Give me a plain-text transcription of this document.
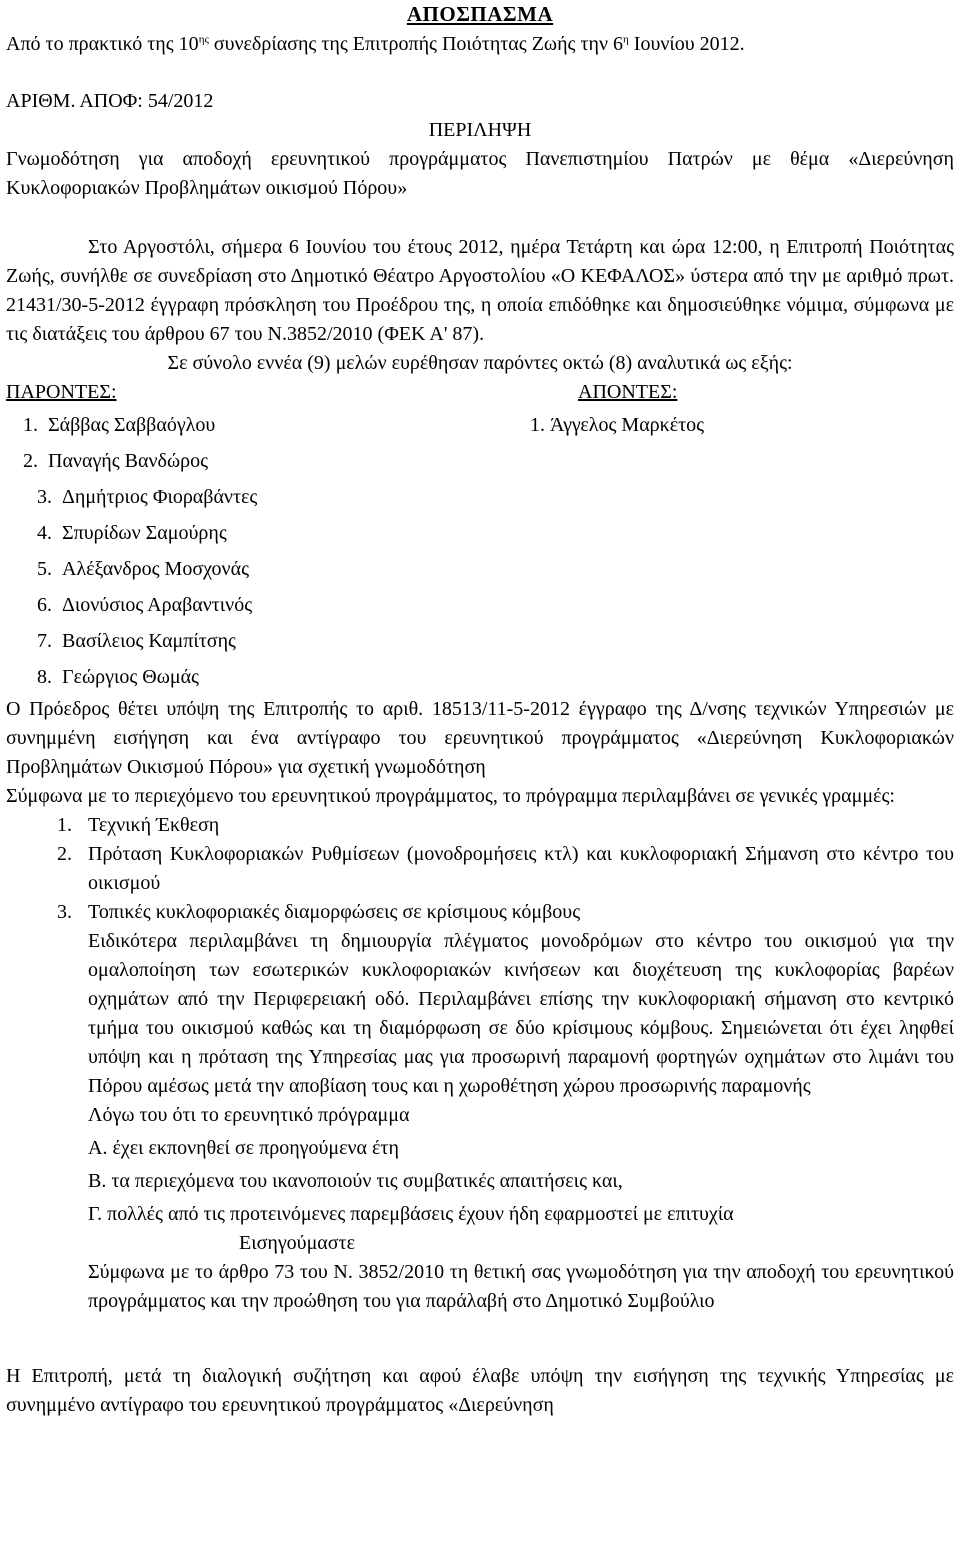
ΑΠΟΣΠΑΣΜΑ

Από το πρακτικό της $10^{\eta\varsigma}$ συνεδρίασης της Επιτροπής Ποιότητας Ζωής την $6^\eta$ Ιουνίου 2012.

ΑΡΙΘΜ. ΑΠΟΦ: 54/2012

ΠΕΡΙΛΗΨΗ

Γνωμοδότηση για αποδοχή ερευνητικού προγράμματος Πανεπιστημίου Πατρών με θέμα «Διερεύνηση Κυκλοφοριακών Προβλημάτων οικισμού Πόρου»

Στο Αργοστόλι, σήμερα 6 Ιουνίου του έτους 2012, ημέρα Τετάρτη και ώρα 12:00, η Επιτροπή Ποιότητας Ζωής, συνήλθε σε συνεδρίαση στο Δημοτικό Θέατρο Αργοστολίου «Ο ΚΕΦΑΛΟΣ» ύστερα από την με αριθμό πρωτ. 21431/30-5-2012 έγγραφη πρόσκληση του Προέδρου της, η οποία επιδόθηκε και δημοσιεύθηκε νόμιμα, σύμφωνα με τις διατάξεις του άρθρου 67 του Ν.3852/2010 (ΦΕΚ Α' 87).

Σε σύνολο εννέα (9) μελών ευρέθησαν παρόντες οκτώ (8) αναλυτικά ως εξής:

ΠΑΡΟΝΤΕΣ:	ΑΠΟΝΤΕΣ:
1. Σάββας Σαββαόγλου
2. Παναγής Βανδώρος
3. Δημήτριος Φιοραβάντες
4. Σπυρίδων Σαμούρης
5. Αλέξανδρος Μοσχονάς
6. Διονύσιος Αραβαντινός
7. Βασίλειος Καμπίτσης
8. Γεώργιος Θωμάς
1.
Άγγελος Μαρκέτος

Ο Πρόεδρος θέτει υπόψη της Επιτροπής το αριθ. 18513/11-5-2012 έγγραφο της Δ/νσης τεχνικών Υπηρεσιών με συνημμένη εισήγηση και ένα αντίγραφο του ερευνητικού προγράμματος «Διερεύνηση Κυκλοφοριακών Προβλημάτων Οικισμού Πόρου» για σχετική γνωμοδότηση

Σύμφωνα με το περιεχόμενο του ερευνητικού προγράμματος, το πρόγραμμα περιλαμβάνει σε γενικές γραμμές:

1. Τεχνική Έκθεση
2. Πρόταση Κυκλοφοριακών Ρυθμίσεων (μονοδρομήσεις κτλ) και κυκλοφοριακή Σήμανση στο κέντρο του οικισμού
3. Τοπικές κυκλοφοριακές διαμορφώσεις σε κρίσιμους κόμβους

Ειδικότερα περιλαμβάνει τη δημιουργία πλέγματος μονοδρόμων στο κέντρο του οικισμού για την ομαλοποίηση των εσωτερικών κυκλοφοριακών κινήσεων και διοχέτευση της κυκλοφορίας βαρέων οχημάτων από την Περιφερειακή οδό. Περιλαμβάνει επίσης την κυκλοφοριακή σήμανση στο κεντρικό τμήμα του οικισμού καθώς και τη διαμόρφωση σε δύο κρίσιμους κόμβους. Σημειώνεται ότι έχει ληφθεί υπόψη και η πρόταση της Υπηρεσίας μας για προσωρινή παραμονή φορτηγών οχημάτων στο λιμάνι του Πόρου αμέσως μετά την αποβίαση τους και η χωροθέτηση χώρου προσωρινής παραμονής

Λόγω του ότι το ερευνητικό πρόγραμμα

Α. έχει εκπονηθεί σε προηγούμενα έτη

Β. τα περιεχόμενα του ικανοποιούν τις συμβατικές απαιτήσεις και,

Γ. πολλές από τις προτεινόμενες παρεμβάσεις έχουν ήδη εφαρμοστεί με επιτυχία

Εισηγούμαστε

Σύμφωνα με το άρθρο 73 του Ν. 3852/2010 τη θετική σας γνωμοδότηση για την αποδοχή του ερευνητικού προγράμματος και την προώθηση του για παράλαβή στο Δημοτικό Συμβούλιο

Η Επιτροπή, μετά τη διαλογική συζήτηση και αφού έλαβε υπόψη την εισήγηση της τεχνικής Υπηρεσίας με συνημμένο αντίγραφο του ερευνητικού προγράμματος «Διερεύνηση
